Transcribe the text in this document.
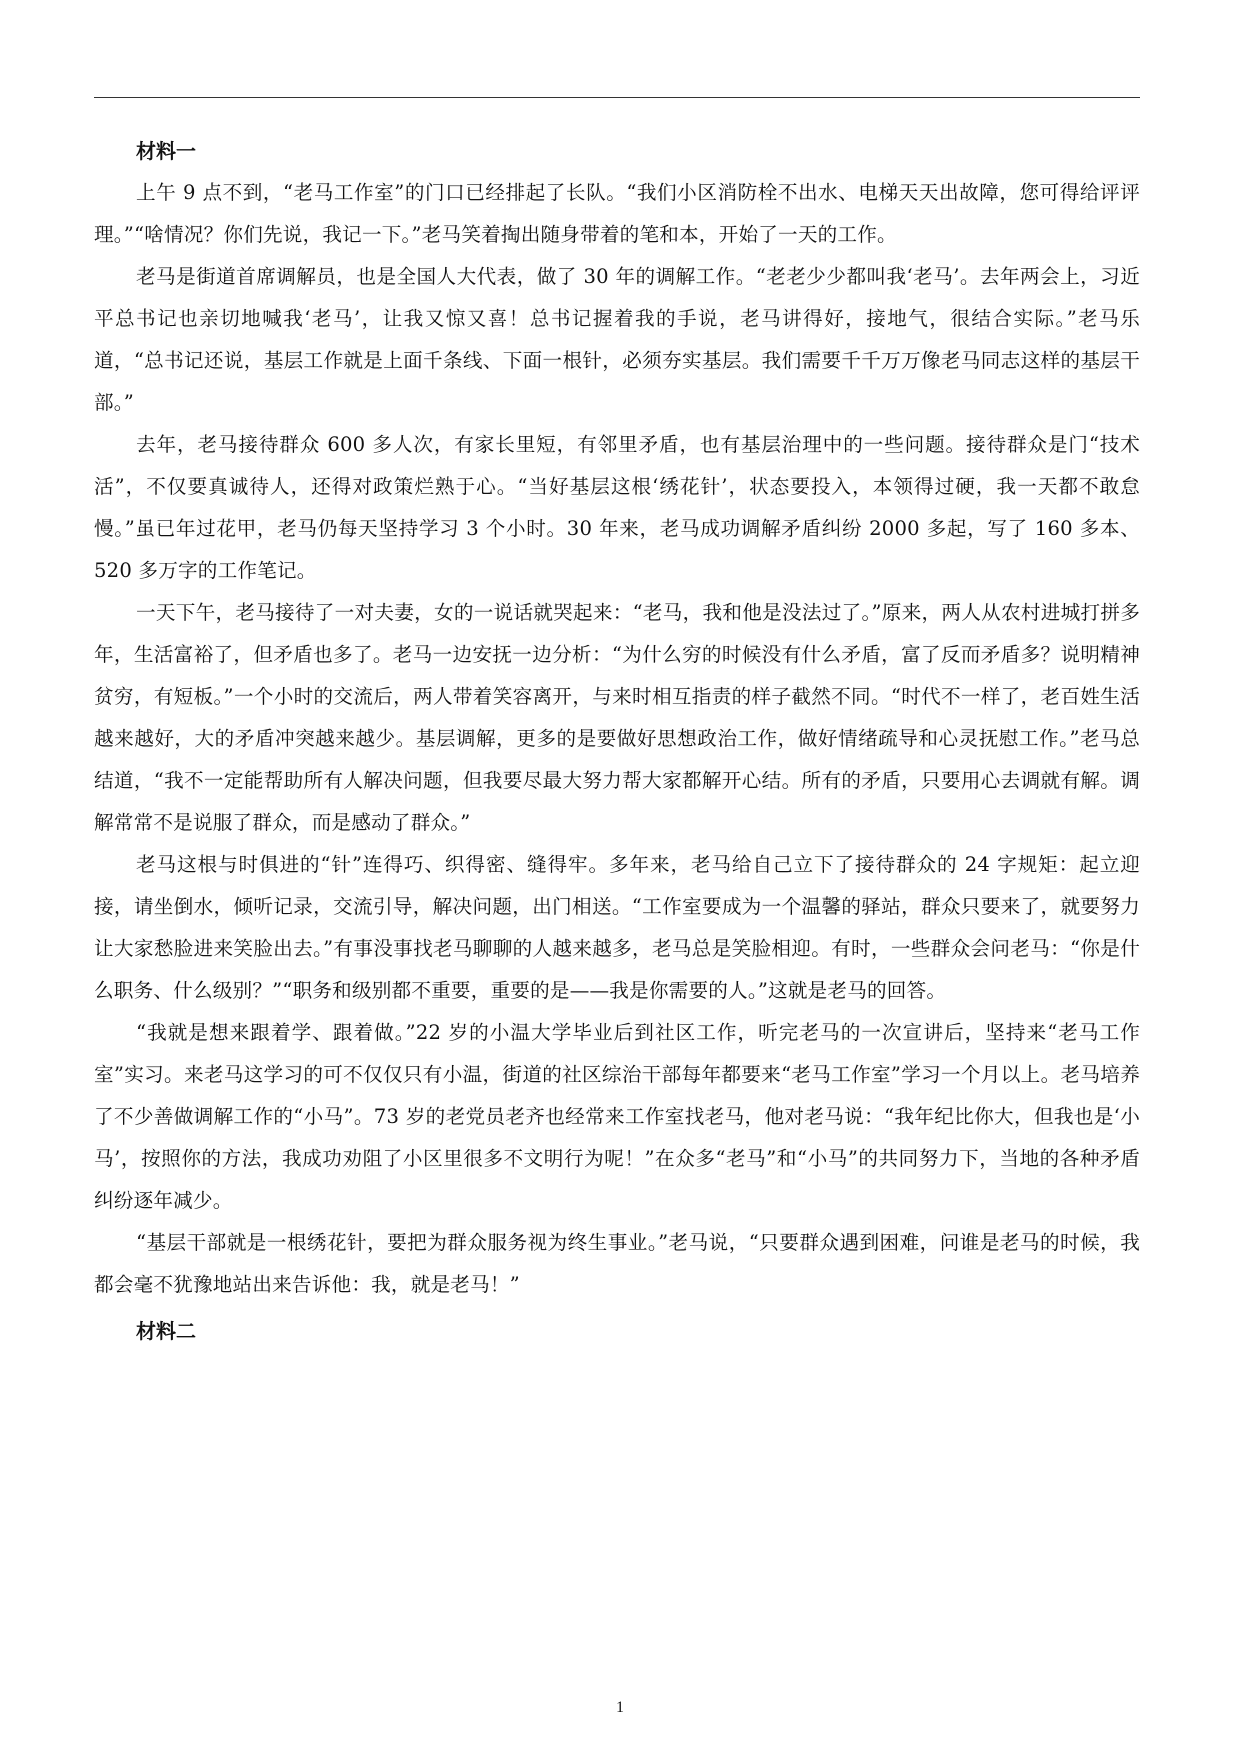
材料一

上午 9 点不到，“老马工作室”的门口已经排起了长队。“我们小区消防栓不出水、电梯天天出故障，您可得给评评理。”“啥情况？你们先说，我记一下。”老马笑着掏出随身带着的笔和本，开始了一天的工作。

老马是街道首席调解员，也是全国人大代表，做了 30 年的调解工作。“老老少少都叫我‘老马’。去年两会上，习近平总书记也亲切地喊我‘老马’，让我又惊又喜！总书记握着我的手说，老马讲得好，接地气，很结合实际。”老马乐道，“总书记还说，基层工作就是上面千条线、下面一根针，必须夯实基层。我们需要千千万万像老马同志这样的基层干部。”

去年，老马接待群众 600 多人次，有家长里短，有邻里矛盾，也有基层治理中的一些问题。接待群众是门“技术活”，不仅要真诚待人，还得对政策烂熟于心。“当好基层这根‘绣花针’，状态要投入，本领得过硬，我一天都不敢怠慢。”虽已年过花甲，老马仍每天坚持学习 3 个小时。30 年来，老马成功调解矛盾纠纷 2000 多起，写了 160 多本、520 多万字的工作笔记。

一天下午，老马接待了一对夫妻，女的一说话就哭起来：“老马，我和他是没法过了。”原来，两人从农村进城打拼多年，生活富裕了，但矛盾也多了。老马一边安抚一边分析：“为什么穷的时候没有什么矛盾，富了反而矛盾多？说明精神贫穷，有短板。”一个小时的交流后，两人带着笑容离开，与来时相互指责的样子截然不同。“时代不一样了，老百姓生活越来越好，大的矛盾冲突越来越少。基层调解，更多的是要做好思想政治工作，做好情绪疏导和心灵抚慰工作。”老马总结道，“我不一定能帮助所有人解决问题，但我要尽最大努力帮大家都解开心结。所有的矛盾，只要用心去调就有解。调解常常不是说服了群众，而是感动了群众。”

老马这根与时俱进的“针”连得巧、织得密、缝得牢。多年来，老马给自己立下了接待群众的 24 字规矩：起立迎接，请坐倒水，倾听记录，交流引导，解决问题，出门相送。“工作室要成为一个温馨的驿站，群众只要来了，就要努力让大家愁脸进来笑脸出去。”有事没事找老马聊聊的人越来越多，老马总是笑脸相迎。有时，一些群众会问老马：“你是什么职务、什么级别？”“职务和级别都不重要，重要的是——我是你需要的人。”这就是老马的回答。

“我就是想来跟着学、跟着做。”22 岁的小温大学毕业后到社区工作，听完老马的一次宣讲后，坚持来“老马工作室”实习。来老马这学习的可不仅仅只有小温，街道的社区综治干部每年都要来“老马工作室”学习一个月以上。老马培养了不少善做调解工作的“小马”。73 岁的老党员老齐也经常来工作室找老马，他对老马说：“我年纪比你大，但我也是‘小马’，按照你的方法，我成功劝阻了小区里很多不文明行为呢！”在众多“老马”和“小马”的共同努力下，当地的各种矛盾纠纷逐年减少。

“基层干部就是一根绣花针，要把为群众服务视为终生事业。”老马说，“只要群众遇到困难，问谁是老马的时候，我都会毫不犹豫地站出来告诉他：我，就是老马！”

材料二

1
